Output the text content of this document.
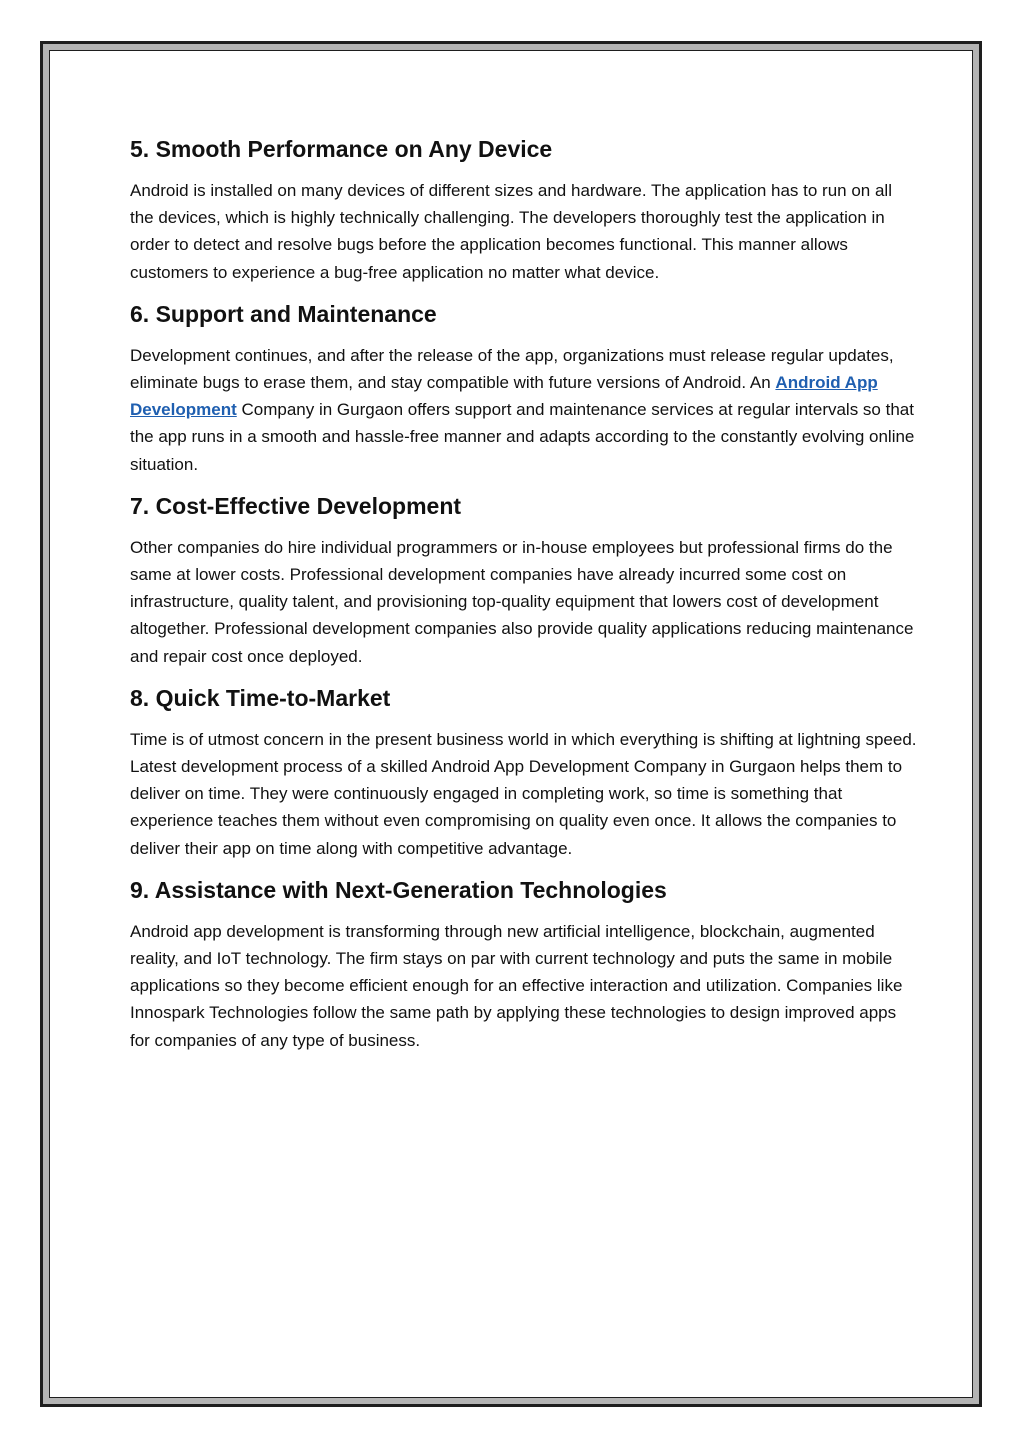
5. Smooth Performance on Any Device

Android is installed on many devices of different sizes and hardware. The application has to run on all the devices, which is highly technically challenging. The developers thoroughly test the application in order to detect and resolve bugs before the application becomes functional. This manner allows customers to experience a bug-free application no matter what device.

6. Support and Maintenance

Development continues, and after the release of the app, organizations must release regular updates, eliminate bugs to erase them, and stay compatible with future versions of Android. An Android App Development Company in Gurgaon offers support and maintenance services at regular intervals so that the app runs in a smooth and hassle-free manner and adapts according to the constantly evolving online situation.

7. Cost-Effective Development

Other companies do hire individual programmers or in-house employees but professional firms do the same at lower costs. Professional development companies have already incurred some cost on infrastructure, quality talent, and provisioning top-quality equipment that lowers cost of development altogether. Professional development companies also provide quality applications reducing maintenance and repair cost once deployed.

8. Quick Time-to-Market

Time is of utmost concern in the present business world in which everything is shifting at lightning speed. Latest development process of a skilled Android App Development Company in Gurgaon helps them to deliver on time. They were continuously engaged in completing work, so time is something that experience teaches them without even compromising on quality even once. It allows the companies to deliver their app on time along with competitive advantage.

9. Assistance with Next-Generation Technologies

Android app development is transforming through new artificial intelligence, blockchain, augmented reality, and IoT technology. The firm stays on par with current technology and puts the same in mobile applications so they become efficient enough for an effective interaction and utilization. Companies like Innospark Technologies follow the same path by applying these technologies to design improved apps for companies of any type of business.
